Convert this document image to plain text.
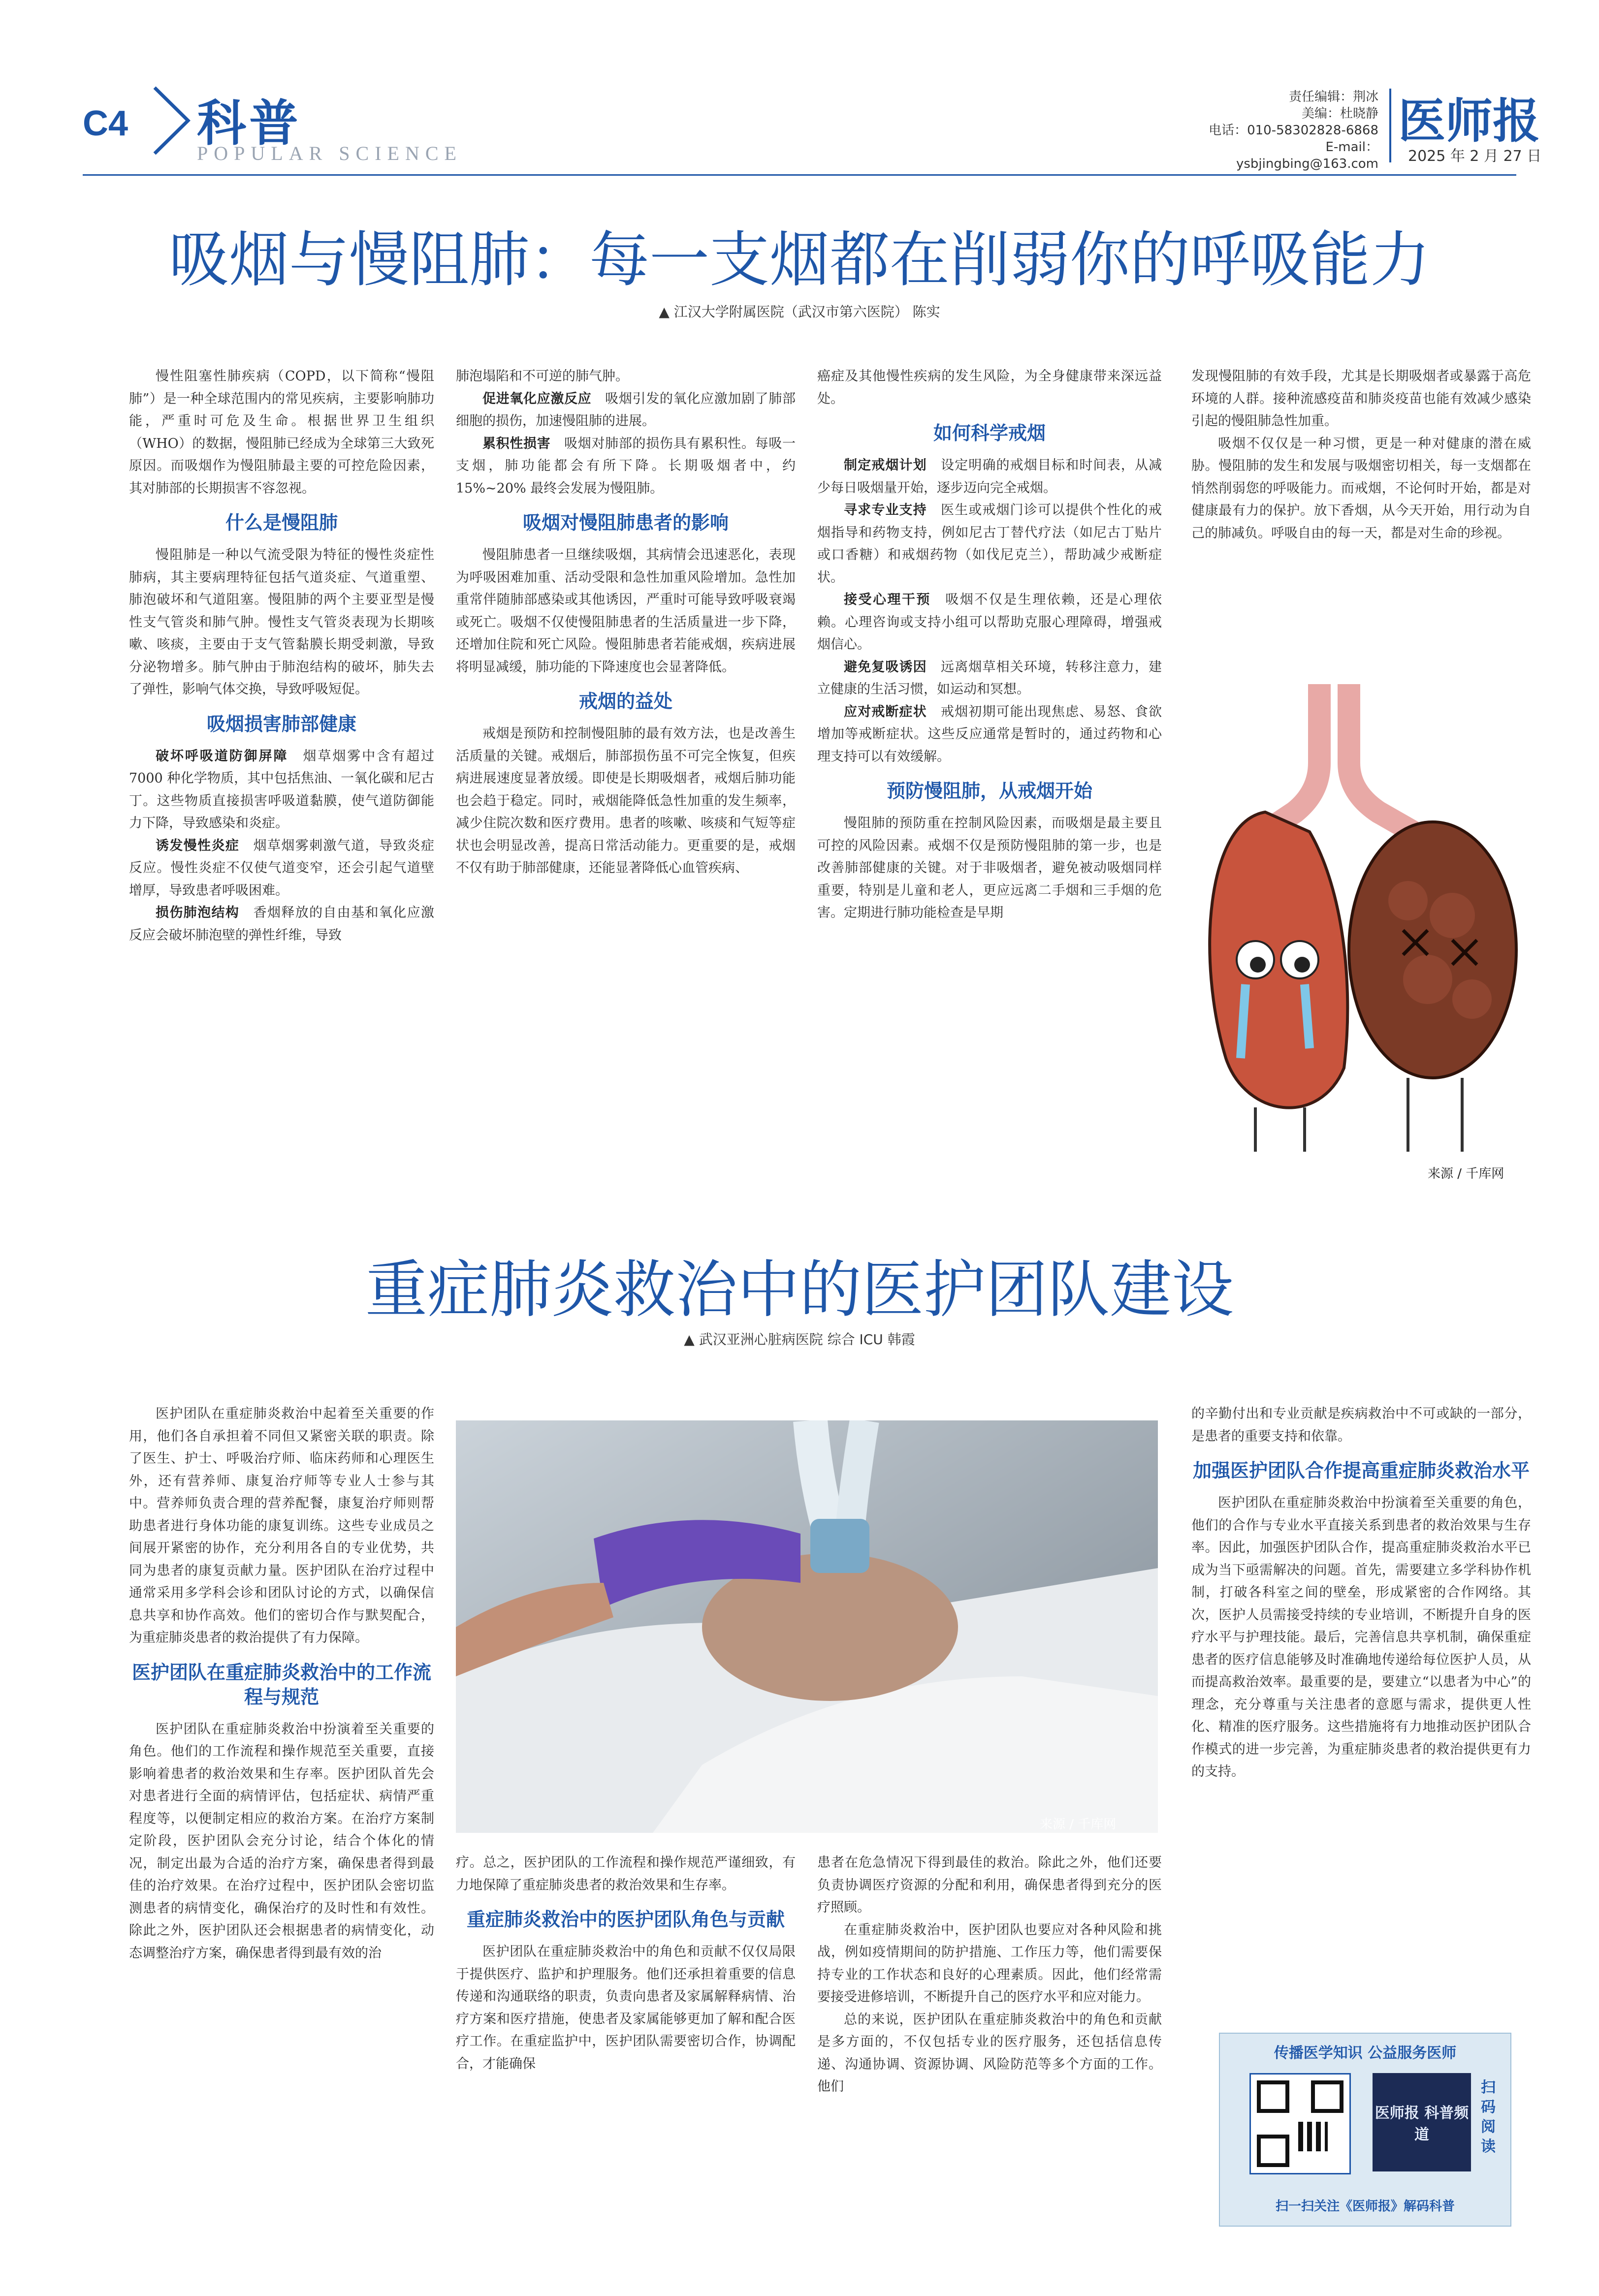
C4 科普
POPULAR SCIENCE
责任编辑：荆冰
美编：杜晓静
电话：010-58302828-6868
E-mail：ysbjingbing@163.com
医师报
2025 年 2 月 27 日
吸烟与慢阻肺：每一支烟都在削弱你的呼吸能力
▲ 江汉大学附属医院（武汉市第六医院） 陈实

慢性阻塞性肺疾病（COPD，以下简称“慢阻肺”）是一种全球范围内的常见疾病，主要影响肺功能，严重时可危及生命。根据世界卫生组织（WHO）的数据，慢阻肺已经成为全球第三大致死原因。而吸烟作为慢阻肺最主要的可控危险因素，其对肺部的长期损害不容忽视。

什么是慢阻肺

慢阻肺是一种以气流受限为特征的慢性炎症性肺病，其主要病理特征包括气道炎症、气道重塑、肺泡破坏和气道阻塞。慢阻肺的两个主要亚型是慢性支气管炎和肺气肿。慢性支气管炎表现为长期咳嗽、咳痰，主要由于支气管黏膜长期受刺激，导致分泌物增多。肺气肿由于肺泡结构的破坏，肺失去了弹性，影响气体交换，导致呼吸短促。

吸烟损害肺部健康

破坏呼吸道防御屏障　 烟草烟雾中含有超过 7000 种化学物质，其中包括焦油、一氧化碳和尼古丁。这些物质直接损害呼吸道黏膜，使气道防御能力下降，导致感染和炎症。

诱发慢性炎症　 烟草烟雾刺激气道，导致炎症反应。慢性炎症不仅使气道变窄，还会引起气道壁增厚，导致患者呼吸困难。

损伤肺泡结构　 香烟释放的自由基和氧化应激反应会破坏肺泡壁的弹性纤维，导致

肺泡塌陷和不可逆的肺气肿。

促进氧化应激反应　 吸烟引发的氧化应激加剧了肺部细胞的损伤，加速慢阻肺的进展。

累积性损害　 吸烟对肺部的损伤具有累积性。每吸一支烟，肺功能都会有所下降。长期吸烟者中，约 15%~20% 最终会发展为慢阻肺。

吸烟对慢阻肺患者的影响

慢阻肺患者一旦继续吸烟，其病情会迅速恶化，表现为呼吸困难加重、活动受限和急性加重风险增加。急性加重常伴随肺部感染或其他诱因，严重时可能导致呼吸衰竭或死亡。吸烟不仅使慢阻肺患者的生活质量进一步下降，还增加住院和死亡风险。慢阻肺患者若能戒烟，疾病进展将明显减缓，肺功能的下降速度也会显著降低。

戒烟的益处

戒烟是预防和控制慢阻肺的最有效方法，也是改善生活质量的关键。戒烟后，肺部损伤虽不可完全恢复，但疾病进展速度显著放缓。即使是长期吸烟者，戒烟后肺功能也会趋于稳定。同时，戒烟能降低急性加重的发生频率，减少住院次数和医疗费用。患者的咳嗽、咳痰和气短等症状也会明显改善，提高日常活动能力。更重要的是，戒烟不仅有助于肺部健康，还能显著降低心血管疾病、

癌症及其他慢性疾病的发生风险，为全身健康带来深远益处。

如何科学戒烟

制定戒烟计划　 设定明确的戒烟目标和时间表，从减少每日吸烟量开始，逐步迈向完全戒烟。

寻求专业支持　 医生或戒烟门诊可以提供个性化的戒烟指导和药物支持，例如尼古丁替代疗法（如尼古丁贴片或口香糖）和戒烟药物（如伐尼克兰），帮助减少戒断症状。

接受心理干预　 吸烟不仅是生理依赖，还是心理依赖。心理咨询或支持小组可以帮助克服心理障碍，增强戒烟信心。

避免复吸诱因　 远离烟草相关环境，转移注意力，建立健康的生活习惯，如运动和冥想。

应对戒断症状　 戒烟初期可能出现焦虑、易怒、食欲增加等戒断症状。这些反应通常是暂时的，通过药物和心理支持可以有效缓解。

预防慢阻肺，从戒烟开始

慢阻肺的预防重在控制风险因素，而吸烟是最主要且可控的风险因素。戒烟不仅是预防慢阻肺的第一步，也是改善肺部健康的关键。对于非吸烟者，避免被动吸烟同样重要，特别是儿童和老人，更应远离二手烟和三手烟的危害。定期进行肺功能检查是早期

发现慢阻肺的有效手段，尤其是长期吸烟者或暴露于高危环境的人群。接种流感疫苗和肺炎疫苗也能有效减少感染引起的慢阻肺急性加重。

吸烟不仅仅是一种习惯，更是一种对健康的潜在威胁。慢阻肺的发生和发展与吸烟密切相关，每一支烟都在悄然削弱您的呼吸能力。而戒烟，不论何时开始，都是对健康最有力的保护。放下香烟，从今天开始，用行动为自己的肺减负。呼吸自由的每一天，都是对生命的珍视。

来源 / 千库网
重症肺炎救治中的医护团队建设
▲ 武汉亚洲心脏病医院 综合 ICU 韩霞

医护团队在重症肺炎救治中起着至关重要的作用，他们各自承担着不同但又紧密关联的职责。除了医生、护士、呼吸治疗师、临床药师和心理医生外，还有营养师、康复治疗师等专业人士参与其中。营养师负责合理的营养配餐，康复治疗师则帮助患者进行身体功能的康复训练。这些专业成员之间展开紧密的协作，充分利用各自的专业优势，共同为患者的康复贡献力量。医护团队在治疗过程中通常采用多学科会诊和团队讨论的方式，以确保信息共享和协作高效。他们的密切合作与默契配合，为重症肺炎患者的救治提供了有力保障。

医护团队在重症肺炎救治中的工作流程与规范

医护团队在重症肺炎救治中扮演着至关重要的角色。他们的工作流程和操作规范至关重要，直接影响着患者的救治效果和生存率。医护团队首先会对患者进行全面的病情评估，包括症状、病情严重程度等，以便制定相应的救治方案。在治疗方案制定阶段，医护团队会充分讨论，结合个体化的情况，制定出最为合适的治疗方案，确保患者得到最佳的治疗效果。在治疗过程中，医护团队会密切监测患者的病情变化，确保治疗的及时性和有效性。除此之外，医护团队还会根据患者的病情变化，动态调整治疗方案，确保患者得到最有效的治

来源 / 千库网

疗。总之，医护团队的工作流程和操作规范严谨细致，有力地保障了重症肺炎患者的救治效果和生存率。

重症肺炎救治中的医护团队角色与贡献

医护团队在重症肺炎救治中的角色和贡献不仅仅局限于提供医疗、监护和护理服务。他们还承担着重要的信息传递和沟通联络的职责，负责向患者及家属解释病情、治疗方案和医疗措施，使患者及家属能够更加了解和配合医疗工作。在重症监护中，医护团队需要密切合作，协调配合，才能确保

患者在危急情况下得到最佳的救治。除此之外，他们还要负责协调医疗资源的分配和利用，确保患者得到充分的医疗照顾。

在重症肺炎救治中，医护团队也要应对各种风险和挑战，例如疫情期间的防护措施、工作压力等，他们需要保持专业的工作状态和良好的心理素质。因此，他们经常需要接受进修培训，不断提升自己的医疗水平和应对能力。

总的来说，医护团队在重症肺炎救治中的角色和贡献是多方面的，不仅包括专业的医疗服务，还包括信息传递、沟通协调、资源协调、风险防范等多个方面的工作。他们

的辛勤付出和专业贡献是疾病救治中不可或缺的一部分，是患者的重要支持和依靠。

加强医护团队合作提高重症肺炎救治水平

医护团队在重症肺炎救治中扮演着至关重要的角色，他们的合作与专业水平直接关系到患者的救治效果与生存率。因此，加强医护团队合作，提高重症肺炎救治水平已成为当下亟需解决的问题。首先，需要建立多学科协作机制，打破各科室之间的壁垒，形成紧密的合作网络。其次，医护人员需接受持续的专业培训，不断提升自身的医疗水平与护理技能。最后，完善信息共享机制，确保重症患者的医疗信息能够及时准确地传递给每位医护人员，从而提高救治效率。最重要的是，要建立“以患者为中心”的理念，充分尊重与关注患者的意愿与需求，提供更人性化、精准的医疗服务。这些措施将有力地推动医护团队合作模式的进一步完善，为重症肺炎患者的救治提供更有力的支持。

传播医学知识 公益服务医师
医师报 科普频道
扫码阅读
扫一扫关注《医师报》解码科普
